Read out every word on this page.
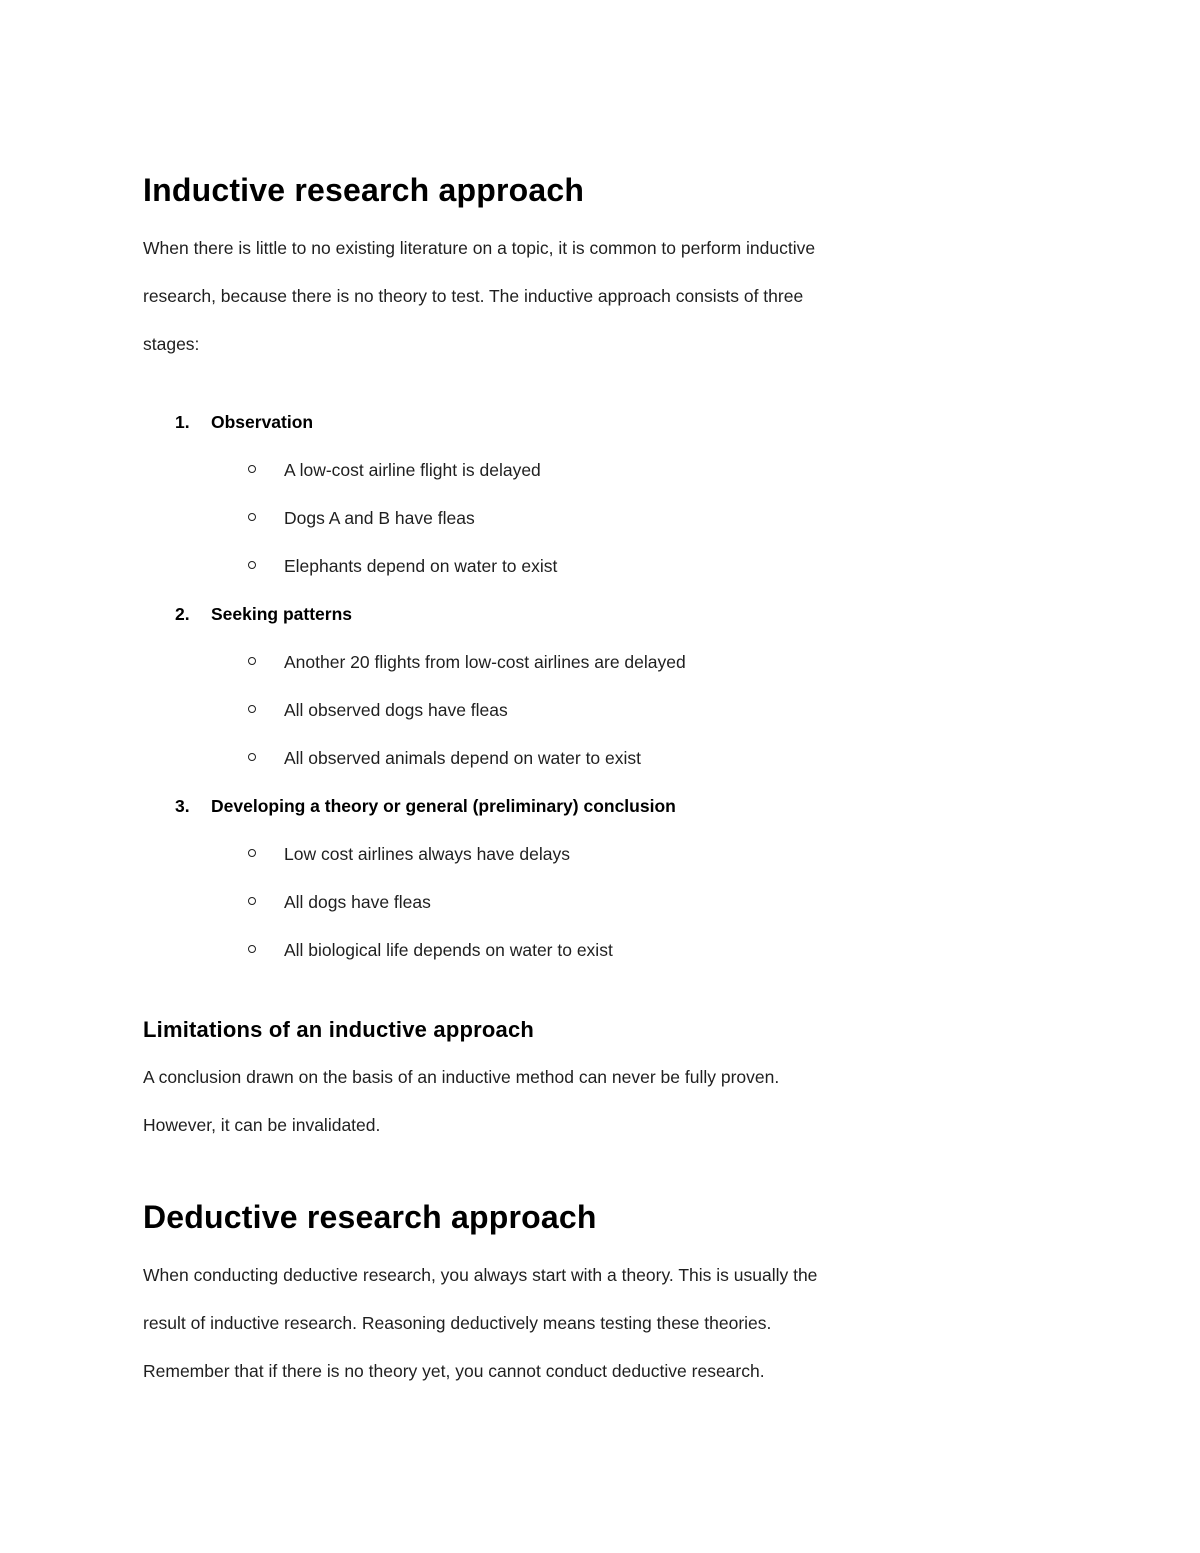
Inductive research approach
When there is little to no existing literature on a topic, it is common to perform inductive
research, because there is no theory to test. The inductive approach consists of three
stages:
1.	Observation
A low-cost airline flight is delayed
Dogs A and B have fleas
Elephants depend on water to exist
2.	Seeking patterns
Another 20 flights from low-cost airlines are delayed
All observed dogs have fleas
All observed animals depend on water to exist
3.	Developing a theory or general (preliminary) conclusion
Low cost airlines always have delays
All dogs have fleas
All biological life depends on water to exist
Limitations of an inductive approach
A conclusion drawn on the basis of an inductive method can never be fully proven.
However, it can be invalidated.
Deductive research approach
When conducting deductive research, you always start with a theory. This is usually the
result of inductive research. Reasoning deductively means testing these theories.
Remember that if there is no theory yet, you cannot conduct deductive research.
